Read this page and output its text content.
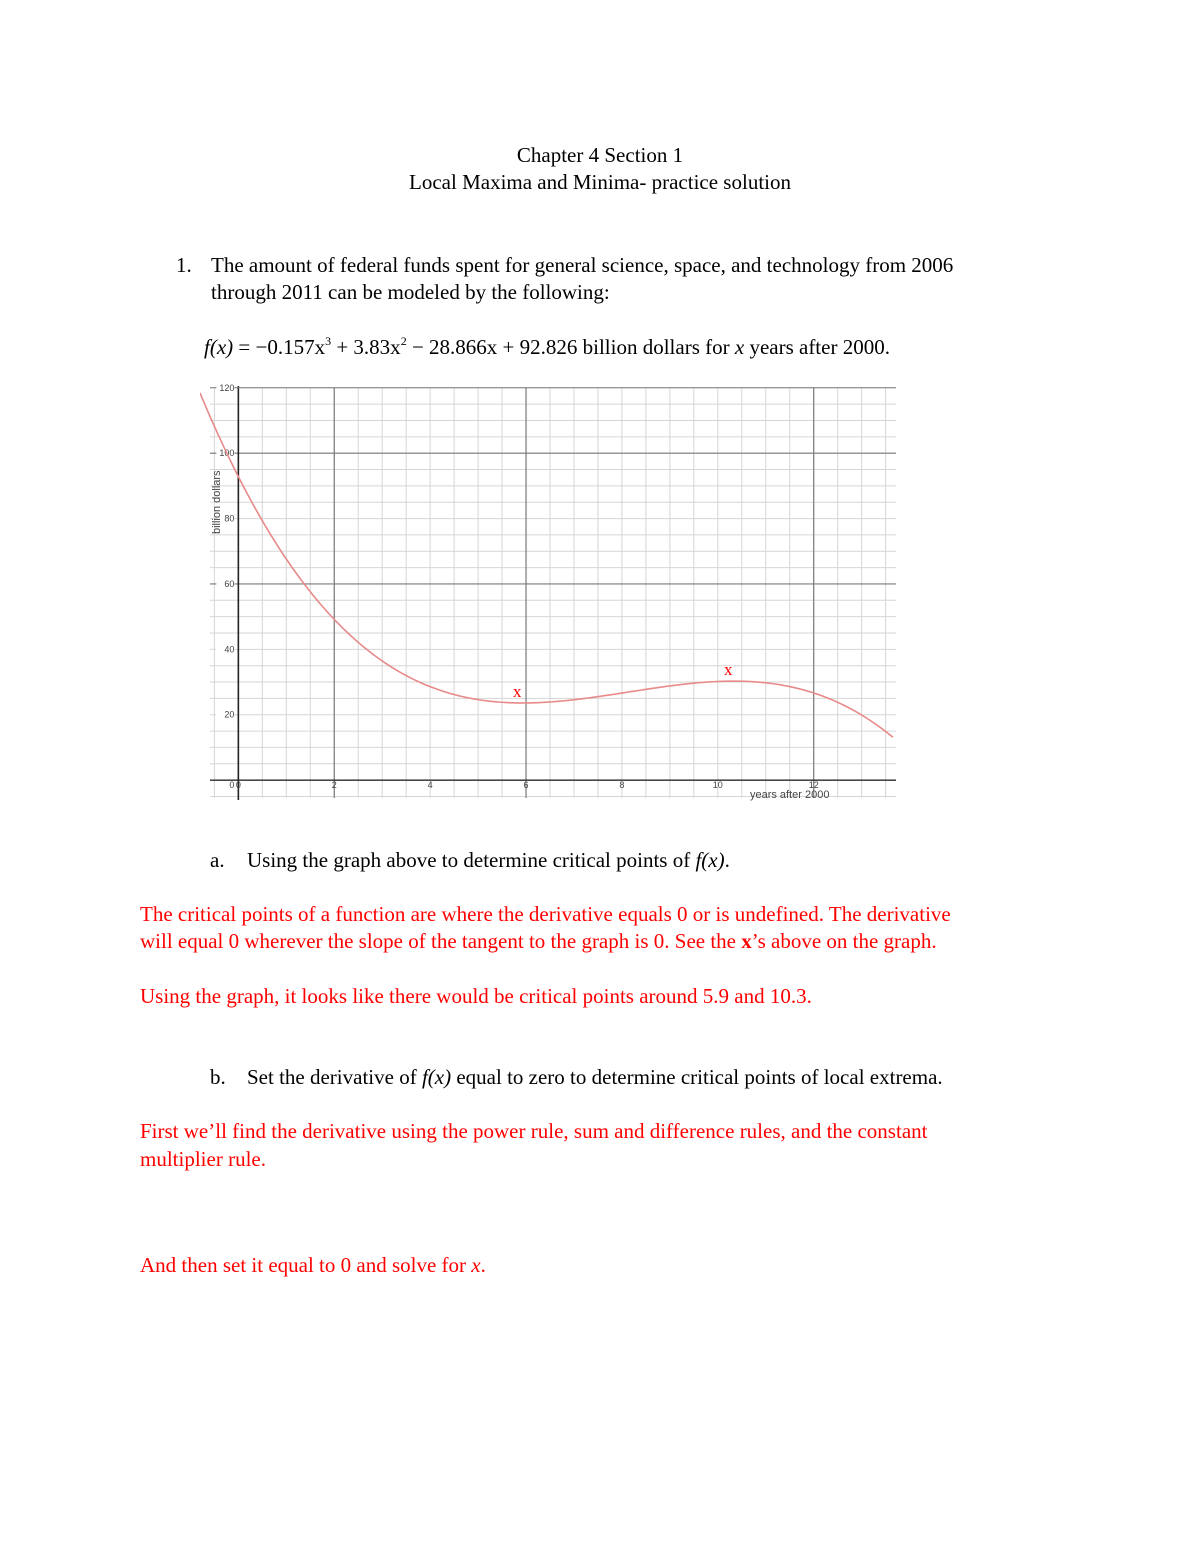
Chapter 4 Section 1
Local Maxima and Minima- practice solution
1. The amount of federal funds spent for general science, space, and technology from 2006
through 2011 can be modeled by the following:
$f(x) = -0.157x^3 + 3.83x^2 - 28.866x + 92.826$ billion dollars for x years after 2000.
0	2	4	6	8	10	12
120
100
80
60
40
20
0
billion dollars
years after 2000
x
x
a. Using the graph above to determine critical points of f(x).
The critical points of a function are where the derivative equals 0 or is undefined. The derivative
will equal 0 wherever the slope of the tangent to the graph is 0. See the x’s above on the graph.
Using the graph, it looks like there would be critical points around 5.9 and 10.3.
b. Set the derivative of f(x) equal to zero to determine critical points of local extrema.
First we’ll find the derivative using the power rule, sum and difference rules, and the constant
multiplier rule.
And then set it equal to 0 and solve for x.
